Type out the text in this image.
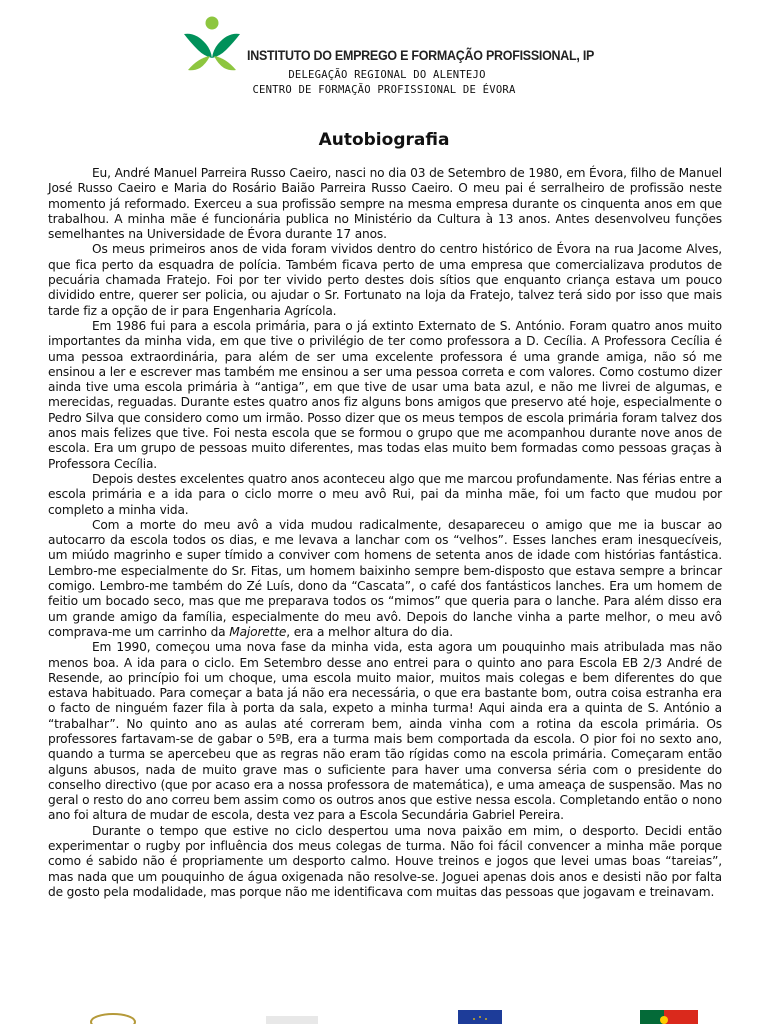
INSTITUTO DO EMPREGO E FORMAÇÃO PROFISSIONAL, IP
DELEGAÇÃO REGIONAL DO ALENTEJO
CENTRO DE FORMAÇÃO PROFISSIONAL DE ÉVORA
Autobiografia

Eu, André Manuel Parreira Russo Caeiro, nasci no dia 03 de Setembro de 1980, em Évora, filho de Manuel José Russo Caeiro e Maria do Rosário Baião Parreira Russo Caeiro. O meu pai é serralheiro de profissão neste momento já reformado. Exerceu a sua profissão sempre na mesma empresa durante os cinquenta anos em que trabalhou. A minha mãe é funcionária publica no Ministério da Cultura à 13 anos. Antes desenvolveu funções semelhantes na Universidade de Évora durante 17 anos.

Os meus primeiros anos de vida foram vividos dentro do centro histórico de Évora na rua Jacome Alves, que fica perto da esquadra de polícia. Também ficava perto de uma empresa que comercializava produtos de pecuária chamada Fratejo. Foi por ter vivido perto destes dois sítios que enquanto criança estava um pouco dividido entre, querer ser policia, ou ajudar o Sr. Fortunato na loja da Fratejo, talvez terá sido por isso que mais tarde fiz a opção de ir para Engenharia Agrícola.

Em 1986 fui para a escola primária, para o já extinto Externato de S. António. Foram quatro anos muito importantes da minha vida, em que tive o privilégio de ter como professora a D. Cecília. A Professora Cecília é uma pessoa extraordinária, para além de ser uma excelente professora é uma grande amiga, não só me ensinou a ler e escrever mas também me ensinou a ser uma pessoa correta e com valores. Como costumo dizer ainda tive uma escola primária à “antiga”, em que tive de usar uma bata azul, e não me livrei de algumas, e merecidas, reguadas. Durante estes quatro anos fiz alguns bons amigos que preservo até hoje, especialmente o Pedro Silva que considero como um irmão. Posso dizer que os meus tempos de escola primária foram talvez dos anos mais felizes que tive. Foi nesta escola que se formou o grupo que me acompanhou durante nove anos de escola. Era um grupo de pessoas muito diferentes, mas todas elas muito bem formadas como pessoas graças à Professora Cecília.

Depois destes excelentes quatro anos aconteceu algo que me marcou profundamente. Nas férias entre a escola primária e a ida para o ciclo morre o meu avô Rui, pai da minha mãe, foi um facto que mudou por completo a minha vida.

Com a morte do meu avô a vida mudou radicalmente, desapareceu o amigo que me ia buscar ao autocarro da escola todos os dias, e me levava a lanchar com os “velhos”. Esses lanches eram inesquecíveis, um miúdo magrinho e super tímido a conviver com homens de setenta anos de idade com histórias fantástica. Lembro-me especialmente do Sr. Fitas, um homem baixinho sempre bem-disposto que estava sempre a brincar comigo. Lembro-me também do Zé Luís, dono da “Cascata”, o café dos fantásticos lanches. Era um homem de feitio um bocado seco, mas que me preparava todos os “mimos” que queria para o lanche. Para além disso era um grande amigo da família, especialmente do meu avô. Depois do lanche vinha a parte melhor, o meu avô comprava-me um carrinho da Majorette, era a melhor altura do dia.

Em 1990, começou uma nova fase da minha vida, esta agora um pouquinho mais atribulada mas não menos boa. A ida para o ciclo. Em Setembro desse ano entrei para o quinto ano para Escola EB 2/3 André de Resende, ao princípio foi um choque, uma escola muito maior, muitos mais colegas e bem diferentes do que estava habituado. Para começar a bata já não era necessária, o que era bastante bom, outra coisa estranha era o facto de ninguém fazer fila à porta da sala, expeto a minha turma! Aqui ainda era a quinta de S. António a “trabalhar”. No quinto ano as aulas até correram bem, ainda vinha com a rotina da escola primária. Os professores fartavam-se de gabar o 5ºB, era a turma mais bem comportada da escola. O pior foi no sexto ano, quando a turma se apercebeu que as regras não eram tão rígidas como na escola primária. Começaram então alguns abusos, nada de muito grave mas o suficiente para haver uma conversa séria com o presidente do conselho directivo (que por acaso era a nossa professora de matemática), e uma ameaça de suspensão. Mas no geral o resto do ano correu bem assim como os outros anos que estive nessa escola. Completando então o nono ano foi altura de mudar de escola, desta vez para a Escola Secundária Gabriel Pereira.

Durante o tempo que estive no ciclo despertou uma nova paixão em mim, o desporto. Decidi então experimentar o rugby por influência dos meus colegas de turma. Não foi fácil convencer a minha mãe porque como é sabido não é propriamente um desporto calmo. Houve treinos e jogos que levei umas boas “tareias”, mas nada que um pouquinho de água oxigenada não resolve-se. Joguei apenas dois anos e desisti não por falta de gosto pela modalidade, mas porque não me identificava com muitas das pessoas que jogavam e treinavam.
